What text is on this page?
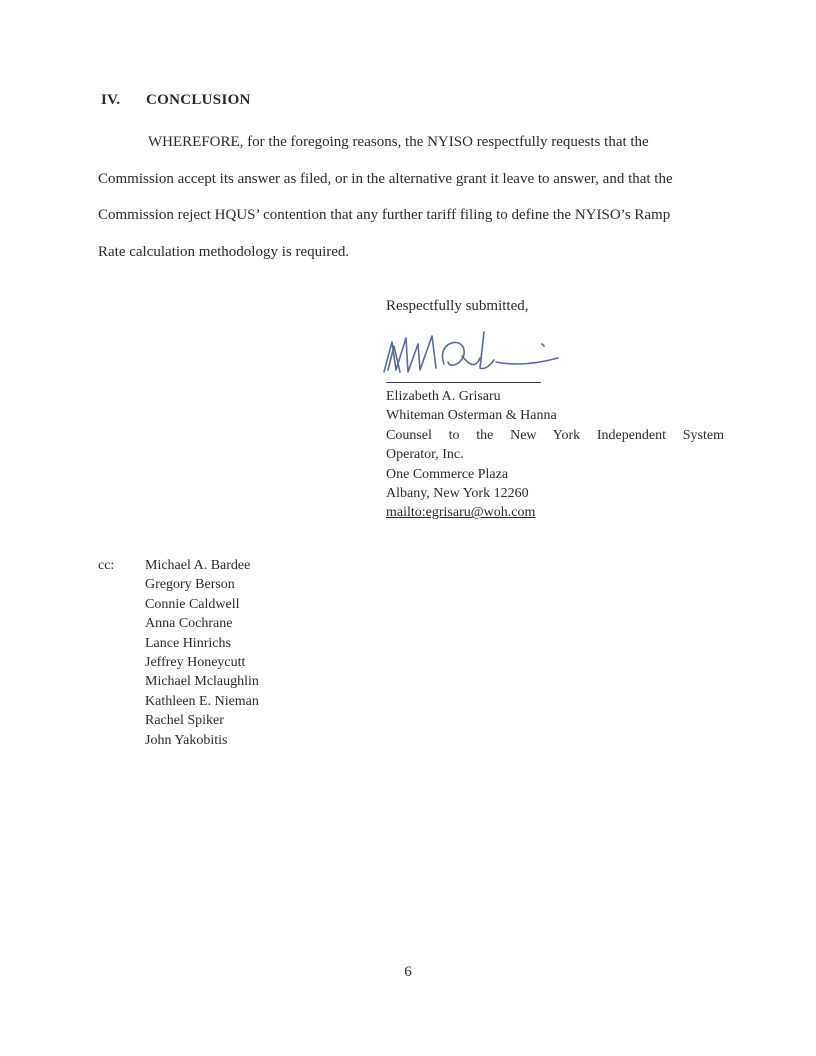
IV. CONCLUSION

WHEREFORE, for the foregoing reasons, the NYISO respectfully requests that the
Commission accept its answer as filed, or in the alternative grant it leave to answer, and that the
Commission reject HQUS’ contention that any further tariff filing to define the NYISO’s Ramp
Rate calculation methodology is required.

Respectfully submitted,
Elizabeth A. Grisaru
Whiteman Osterman & Hanna
Counsel to the New York Independent System
Operator, Inc.
One Commerce Plaza
Albany, New York 12260
mailto:egrisaru@woh.com
cc: Michael A. Bardee
Gregory Berson
Connie Caldwell
Anna Cochrane
Lance Hinrichs
Jeffrey Honeycutt
Michael Mclaughlin
Kathleen E. Nieman
Rachel Spiker
John Yakobitis
6
